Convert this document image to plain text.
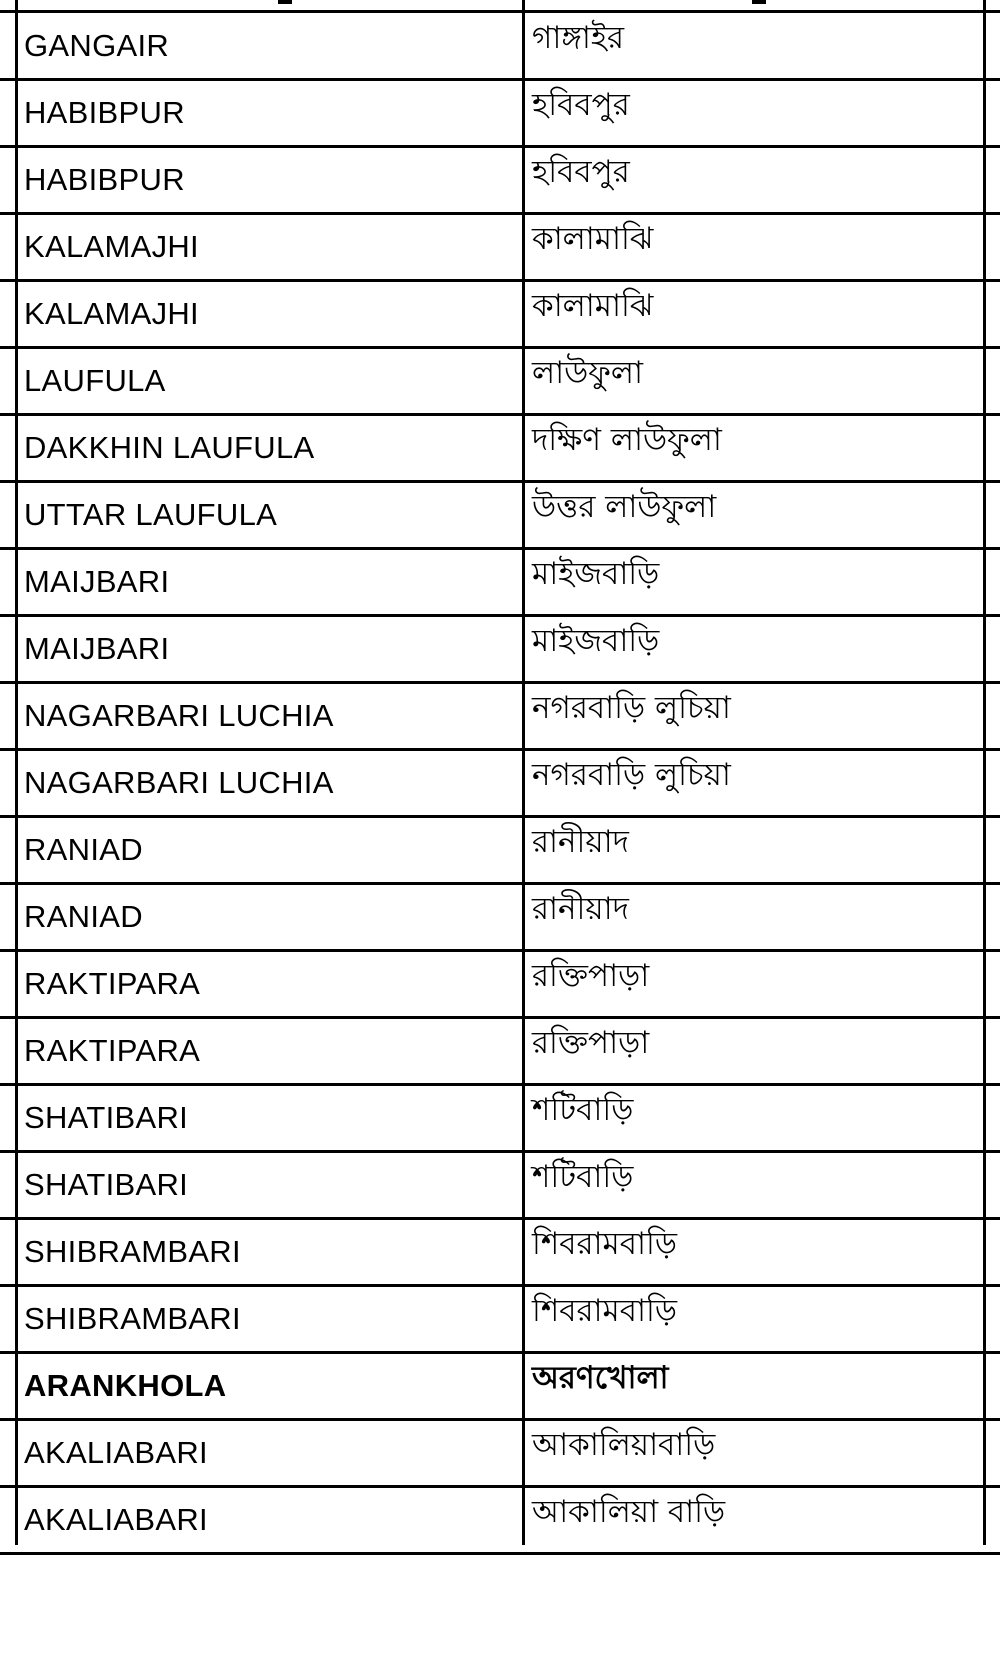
GANGAIR	গাঙ্গাইর
HABIBPUR	হবিবপুর
HABIBPUR	হবিবপুর
KALAMAJHI	কালামাঝি
KALAMAJHI	কালামাঝি
LAUFULA	লাউফুলা
DAKKHIN LAUFULA	দক্ষিণ লাউফুলা
UTTAR LAUFULA	উত্তর লাউফুলা
MAIJBARI	মাইজবাড়ি
MAIJBARI	মাইজবাড়ি
NAGARBARI LUCHIA	নগরবাড়ি লুচিয়া
NAGARBARI LUCHIA	নগরবাড়ি লুচিয়া
RANIAD	রানীয়াদ
RANIAD	রানীয়াদ
RAKTIPARA	রক্তিপাড়া
RAKTIPARA	রক্তিপাড়া
SHATIBARI	শটিবাড়ি
SHATIBARI	শটিবাড়ি
SHIBRAMBARI	শিবরামবাড়ি
SHIBRAMBARI	শিবরামবাড়ি
ARANKHOLA	অরণখোলা
AKALIABARI	আকালিয়াবাড়ি
AKALIABARI	আকালিয়া বাড়ি
